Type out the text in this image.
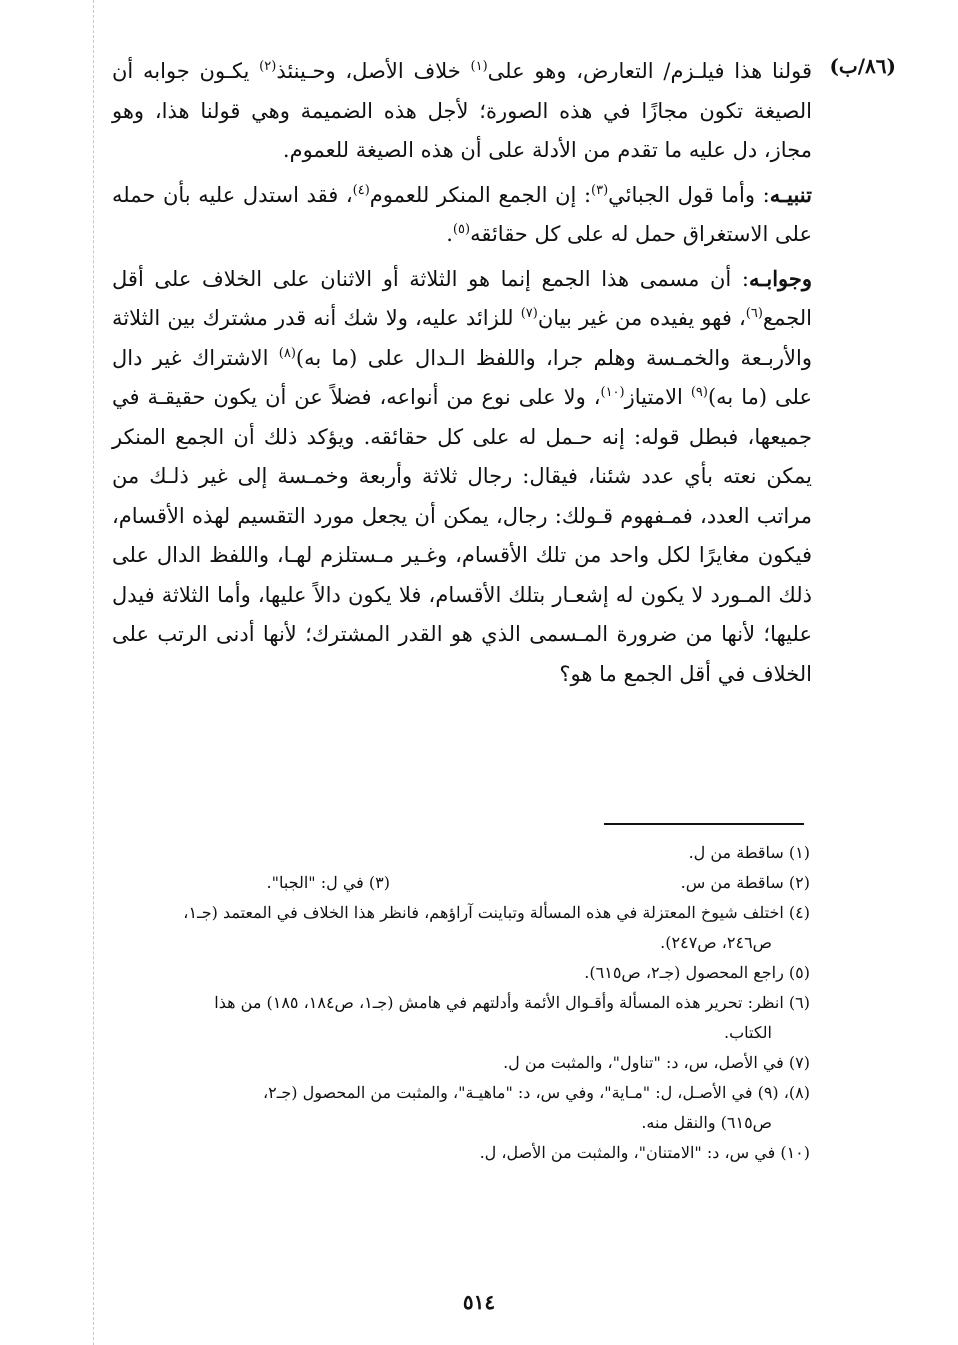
(٨٦/ب)

قولنا هذا فيلـزم/ التعارض، وهو على$^{(١)}$ خلاف الأصل، وحـينئذ$^{(٢)}$ يكـون جوابه أن الصيغة تكون مجازًا في هذه الصورة؛ لأجل هذه الضميمة وهي قولنا هذا، وهو مجاز، دل عليه ما تقدم من الأدلة على أن هذه الصيغة للعموم.

تنبيـه: وأما قول الجبائي$^{(٣)}$: إن الجمع المنكر للعموم$^{(٤)}$، فقد استدل عليه بأن حمله على الاستغراق حمل له على كل حقائقه$^{(٥)}$.

وجوابـه: أن مسمى هذا الجمع إنما هو الثلاثة أو الاثنان على الخلاف على أقل الجمع$^{(٦)}$، فهو يفيده من غير بيان$^{(٧)}$ للزائد عليه، ولا شك أنه قدر مشترك بين الثلاثة والأربـعة والخمـسة وهلم جرا، واللفظ الـدال على (ما به)$^{(٨)}$ الاشتراك غير دال على (ما به)$^{(٩)}$ الامتياز$^{(١٠)}$، ولا على نوع من أنواعه، فضلاً عن أن يكون حقيقـة في جميعها، فبطل قوله: إنه حـمل له على كل حقائقه. ويؤكد ذلك أن الجمع المنكر يمكن نعته بأي عدد شئنا، فيقال: رجال ثلاثة وأربعة وخمـسة إلى غير ذلـك من مراتب العدد، فمـفهوم قـولك: رجال، يمكن أن يجعل مورد التقسيم لهذه الأقسام، فيكون مغايرًا لكل واحد من تلك الأقسام، وغـير مـستلزم لهـا، واللفظ الدال على ذلك المـورد لا يكون له إشعـار بتلك الأقسام، فلا يكون دالاً عليها، وأما الثلاثة فيدل عليها؛ لأنها من ضرورة المـسمى الذي هو القدر المشترك؛ لأنها أدنى الرتب على الخلاف في أقل الجمع ما هو؟

(١) ساقطة من ل.

(٢) ساقطة من س.
(٣) في ل: "الجبا".

(٤) اختلف شيوخ المعتزلة في هذه المسألة وتباينت آراؤهم، فانظر هذا الخلاف في المعتمد (جـ١،

ص٢٤٦، ص٢٤٧).

(٥) راجع المحصول (جـ٢، ص٦١٥).

(٦) انظر: تحرير هذه المسألة وأقـوال الأئمة وأدلتهم في هامش (جـ١، ص١٨٤، ١٨٥) من هذا

الكتاب.

(٧) في الأصل، س، د: "تناول"، والمثبت من ل.

(٨)، (٩) في الأصـل، ل: "مـاية"، وفي س، د: "ماهيـة"، والمثبت من المحصول (جـ٢،

ص٦١٥) والنقل منه.

(١٠) في س، د: "الامتنان"، والمثبت من الأصل، ل.

٥١٤
